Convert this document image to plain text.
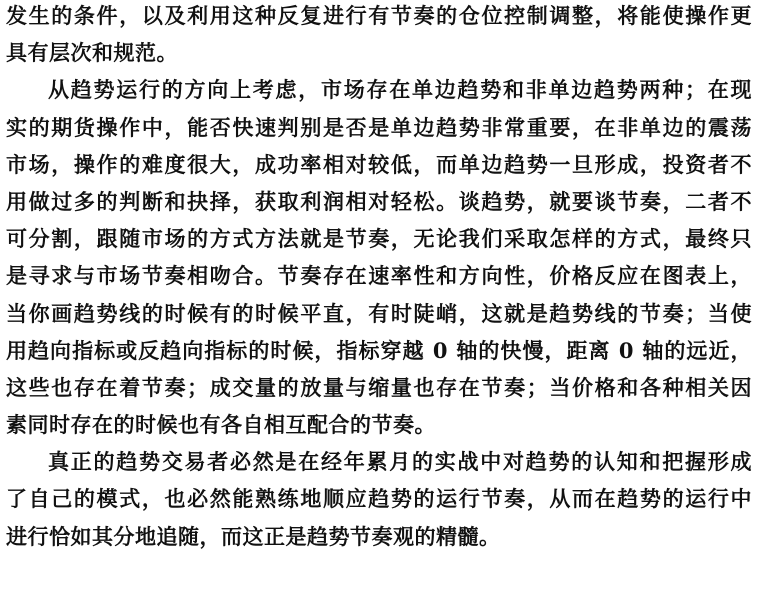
发生的条件，以及利用这种反复进行有节奏的仓位控制调整，将能使操作更
具有层次和规范。
从趋势运行的方向上考虑，市场存在单边趋势和非单边趋势两种；在现
实的期货操作中，能否快速判别是否是单边趋势非常重要，在非单边的震荡
市场，操作的难度很大，成功率相对较低，而单边趋势一旦形成，投资者不
用做过多的判断和抉择，获取利润相对轻松。谈趋势，就要谈节奏，二者不
可分割，跟随市场的方式方法就是节奏，无论我们采取怎样的方式，最终只
是寻求与市场节奏相吻合。节奏存在速率性和方向性，价格反应在图表上，
当你画趋势线的时候有的时候平直，有时陡峭，这就是趋势线的节奏；当使
用趋向指标或反趋向指标的时候，指标穿越 0 轴的快慢，距离 0 轴的远近，
这些也存在着节奏；成交量的放量与缩量也存在节奏；当价格和各种相关因
素同时存在的时候也有各自相互配合的节奏。
真正的趋势交易者必然是在经年累月的实战中对趋势的认知和把握形成
了自己的模式，也必然能熟练地顺应趋势的运行节奏，从而在趋势的运行中
进行恰如其分地追随，而这正是趋势节奏观的精髓。
